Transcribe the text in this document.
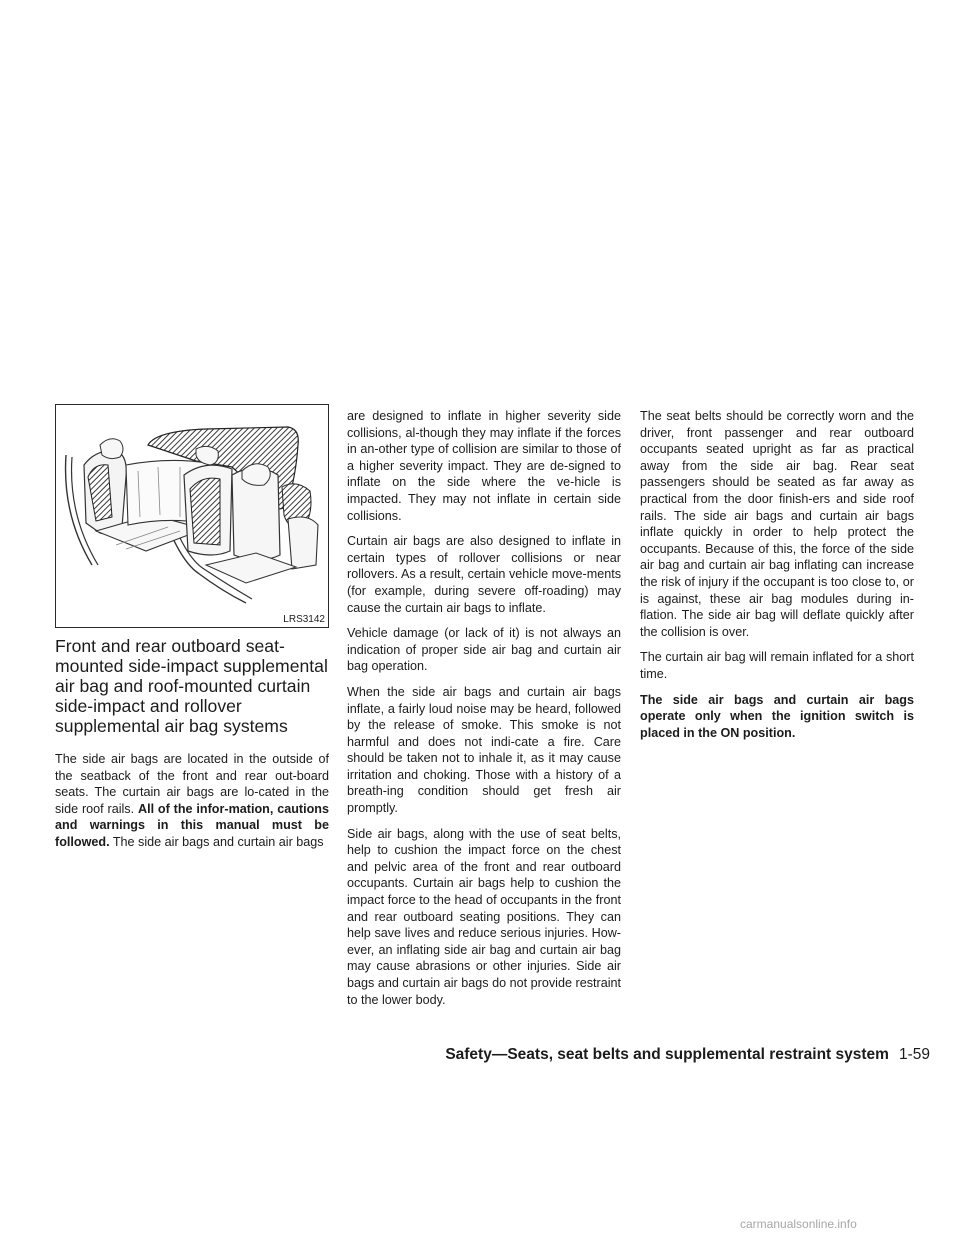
LRS3142
Front and rear outboard seat-mounted side-impact supplemental air bag and roof-mounted curtain side-impact and rollover supplemental air bag systems

The side air bags are located in the outside of the seatback of the front and rear out-board seats. The curtain air bags are lo-cated in the side roof rails. All of the infor-mation, cautions and warnings in this manual must be followed. The side air bags and curtain air bags

are designed to inflate in higher severity side collisions, al-though they may inflate if the forces in an-other type of collision are similar to those of a higher severity impact. They are de-signed to inflate on the side where the ve-hicle is impacted. They may not inflate in certain side collisions.

Curtain air bags are also designed to inflate in certain types of rollover collisions or near rollovers. As a result, certain vehicle move-ments (for example, during severe off-roading) may cause the curtain air bags to inflate.

Vehicle damage (or lack of it) is not always an indication of proper side air bag and curtain air bag operation.

When the side air bags and curtain air bags inflate, a fairly loud noise may be heard, followed by the release of smoke. This smoke is not harmful and does not indi-cate a fire. Care should be taken not to inhale it, as it may cause irritation and choking. Those with a history of a breath-ing condition should get fresh air promptly.

Side air bags, along with the use of seat belts, help to cushion the impact force on the chest and pelvic area of the front and rear outboard occupants. Curtain air bags help to cushion the impact force to the head of occupants in the front and rear outboard seating positions. They can help save lives and reduce serious injuries. How-ever, an inflating side air bag and curtain air bag may cause abrasions or other injuries. Side air bags and curtain air bags do not provide restraint to the lower body.

The seat belts should be correctly worn and the driver, front passenger and rear outboard occupants seated upright as far as practical away from the side air bag. Rear seat passengers should be seated as far away as practical from the door finish-ers and side roof rails. The side air bags and curtain air bags inflate quickly in order to help protect the occupants. Because of this, the force of the side air bag and curtain air bag inflating can increase the risk of injury if the occupant is too close to, or is against, these air bag modules during in-flation. The side air bag will deflate quickly after the collision is over.

The curtain air bag will remain inflated for a short time.

The side air bags and curtain air bags operate only when the ignition switch is placed in the ON position.

Safety—Seats, seat belts and supplemental restraint system 1-59
carmanualsonline.info
